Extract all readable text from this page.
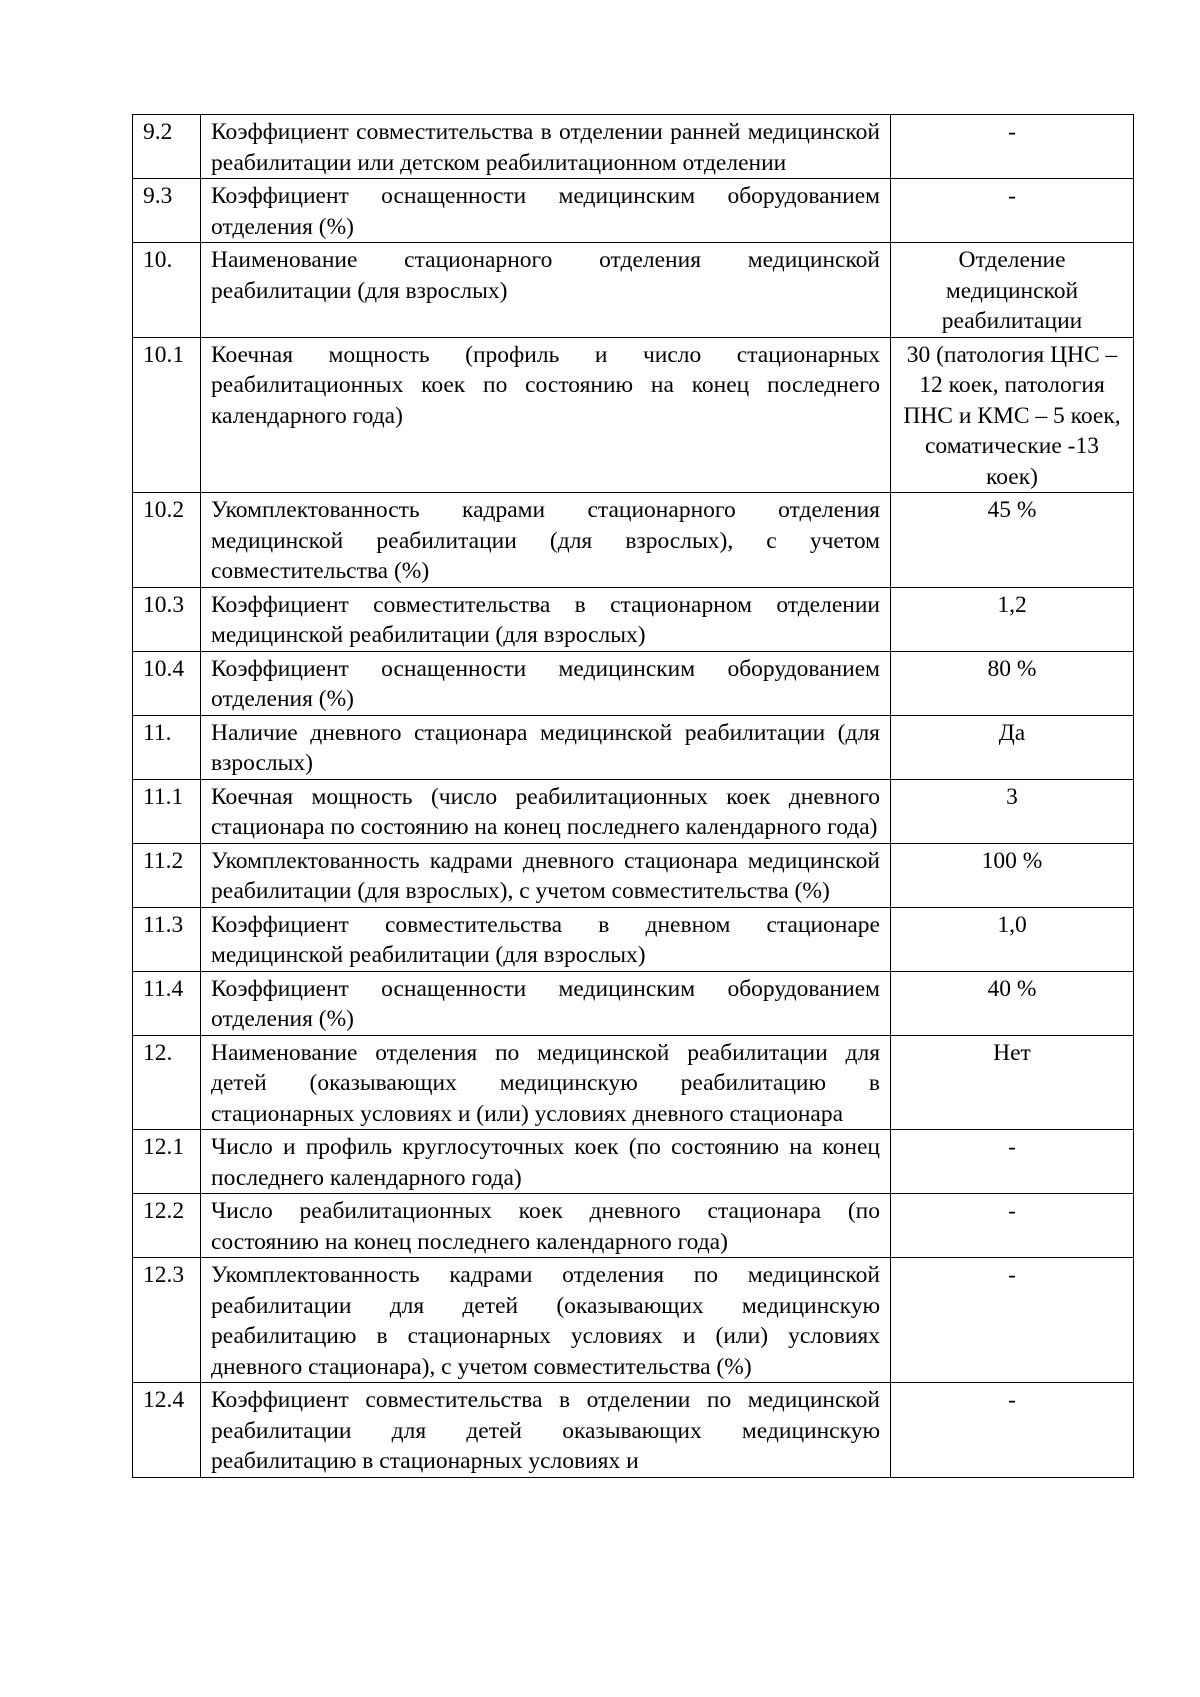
9.2	Коэффициент совместительства в отделении ранней медицинской реабилитации или детском реабилитационном отделении	-
9.3	Коэффициент оснащенности медицинским оборудованием отделения (%)	-
10.	Наименование стационарного отделения медицинской реабилитации (для взрослых)	Отделение медицинской реабилитации
10.1	Коечная мощность (профиль и число стационарных реабилитационных коек по состоянию на конец последнего календарного года)	30 (патология ЦНС – 12 коек, патология ПНС и КМС – 5 коек, соматические -13 коек)
10.2	Укомплектованность кадрами стационарного отделения медицинской реабилитации (для взрослых), с учетом совместительства (%)	45 %
10.3	Коэффициент совместительства в стационарном отделении медицинской реабилитации (для взрослых)	1,2
10.4	Коэффициент оснащенности медицинским оборудованием отделения (%)	80 %
11.	Наличие дневного стационара медицинской реабилитации (для взрослых)	Да
11.1	Коечная мощность (число реабилитационных коек дневного стационара по состоянию на конец последнего календарного года)	3
11.2	Укомплектованность кадрами дневного стационара медицинской реабилитации (для взрослых), с учетом совместительства (%)	100 %
11.3	Коэффициент совместительства в дневном стационаре медицинской реабилитации (для взрослых)	1,0
11.4	Коэффициент оснащенности медицинским оборудованием отделения (%)	40 %
12.	Наименование отделения по медицинской реабилитации для детей (оказывающих медицинскую реабилитацию в стационарных условиях и (или) условиях дневного стационара	Нет
12.1	Число и профиль круглосуточных коек (по состоянию на конец последнего календарного года)	-
12.2	Число реабилитационных коек дневного стационара (по состоянию на конец последнего календарного года)	-
12.3	Укомплектованность кадрами отделения по медицинской реабилитации для детей (оказывающих медицинскую реабилитацию в стационарных условиях и (или) условиях дневного стационара), с учетом совместительства (%)	-
12.4	Коэффициент совместительства в отделении по медицинской реабилитации для детей оказывающих медицинскую реабилитацию в стационарных условиях и	-
